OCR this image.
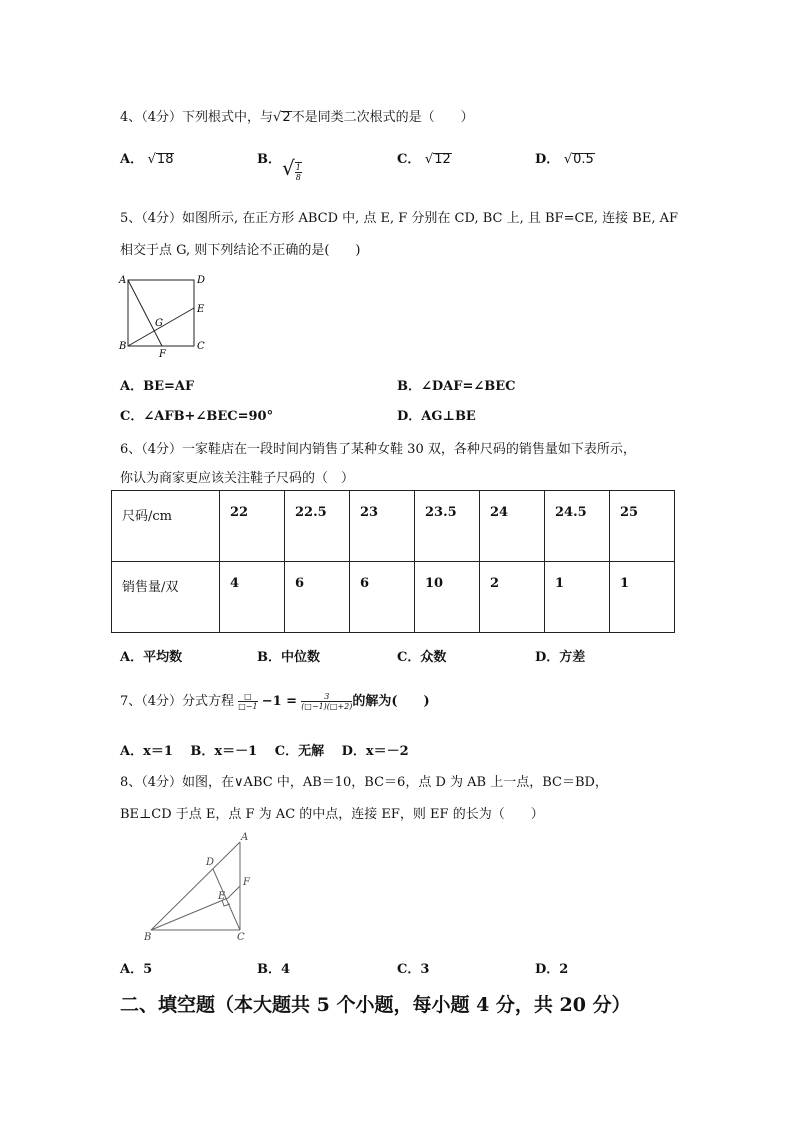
4、（4分）下列根式中，与√2不是同类二次根式的是（　　）
A． √18	B． √ $\frac{1}{8}$
C． √12	D． √0.5
5、（4分）如图所示, 在正方形 ABCD 中, 点 E, F 分别在 CD, BC 上, 且 BF=CE, 连接 BE, AF
相交于点 G, 则下列结论不正确的是(　　)
A	D
E
G
B
F
C
A．BE=AF	B．∠DAF=∠BEC
C．∠AFB+∠BEC=90°	D．AG⊥BE
6、（4分）一家鞋店在一段时间内销售了某种女鞋 30 双，各种尺码的销售量如下表所示，
你认为商家更应该关注鞋子尺码的（　）
尺码/cm	22	22.5	23	23.5	24	24.5	25
销售量/双	4	6	6	10	2	1	1
A．平均数	B．中位数	C．众数	D．方差
7、（4分）分式方程 $\frac{□}{□-1} -1 = \frac{3}{(□-1)(□+2)}$ 的解为(　　)
A．x＝1　 B．x＝－1　 C．无解　 D．x＝－2
8、（4分）如图，在∨ABC 中，AB＝10，BC＝6，点 D 为 AB 上一点，BC＝BD，
BE⊥CD 于点 E，点 F 为 AC 的中点，连接 EF，则 EF 的长为（　　）
A
D
F
E
B	C
A．5	B．4	C．3	D．2
二、填空题（本大题共 5 个小题，每小题 4 分，共 20 分）
